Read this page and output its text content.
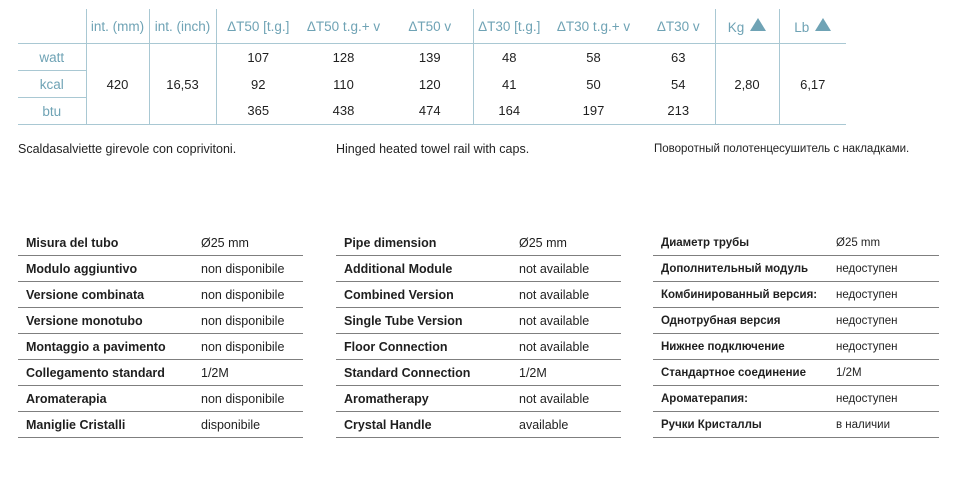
	int. (mm)	int. (inch)	ΔT50 [t.g.]	ΔT50 t.g.+ v	ΔT50 v	ΔT30 [t.g.]	ΔT30 t.g.+ v	ΔT30 v	Kg	Lb
watt	420	16,53	107	128	139	48	58	63	2,80	6,17
kcal			92	110	120	41	50	54		
btu			365	438	474	164	197	213		
Scaldasalviette girevole con coprivitoni.	Hinged heated towel rail with caps.	Поворотный полотенцесушитель с накладками.
Misura del tubo	Ø25 mm
Modulo aggiuntivo	non disponibile
Versione combinata	non disponibile
Versione monotubo	non disponibile
Montaggio a pavimento	non disponibile
Collegamento standard	1/2M
Aromaterapia	non disponibile
Maniglie Cristalli	disponibile
Pipe dimension	Ø25 mm
Additional Module	not available
Combined Version	not available
Single Tube Version	not available
Floor Connection	not available
Standard Connection	1/2M
Aromatherapy	not available
Crystal Handle	available
Диаметр трубы	Ø25 mm
Дополнительный модуль	недоступен
Комбинированный версия:	недоступен
Однотрубная версия	недоступен
Нижнее подключение	недоступен
Стандартное соединение	1/2M
Ароматерапия:	недоступен
Ручки Кристаллы	в наличии
